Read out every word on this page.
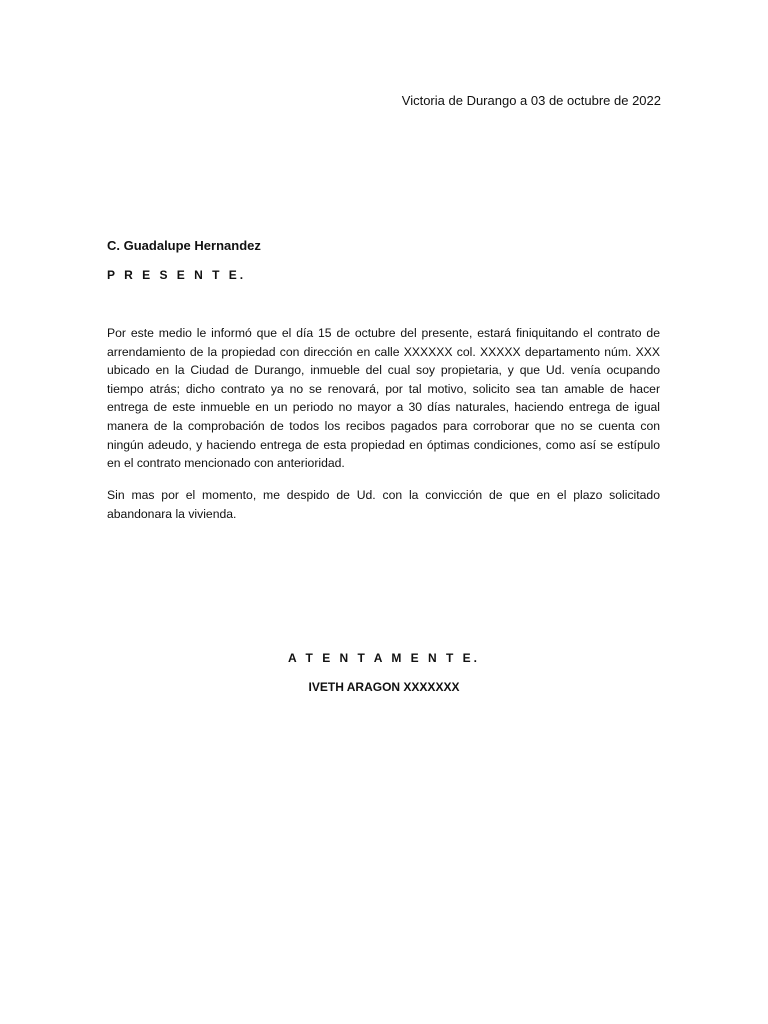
Victoria de Durango a 03 de octubre de 2022
C. Guadalupe Hernandez
P R E S E N T E.

Por este medio le informó que el día 15 de octubre del presente, estará finiquitando el contrato de arrendamiento de la propiedad con dirección en calle XXXXXX col. XXXXX departamento núm. XXX ubicado en la Ciudad de Durango, inmueble del cual soy propietaria, y que Ud. venía ocupando tiempo atrás; dicho contrato ya no se renovará, por tal motivo, solicito sea tan amable de hacer entrega de este inmueble en un periodo no mayor a 30 días naturales, haciendo entrega de igual manera de la comprobación de todos los recibos pagados para corroborar que no se cuenta con ningún adeudo, y haciendo entrega de esta propiedad en óptimas condiciones, como así se estípulo en el contrato mencionado con anterioridad.

Sin mas por el momento, me despido de Ud. con la convicción de que en el plazo solicitado abandonara la vivienda.

A T E N T A M E N T E.
IVETH ARAGON XXXXXXX
